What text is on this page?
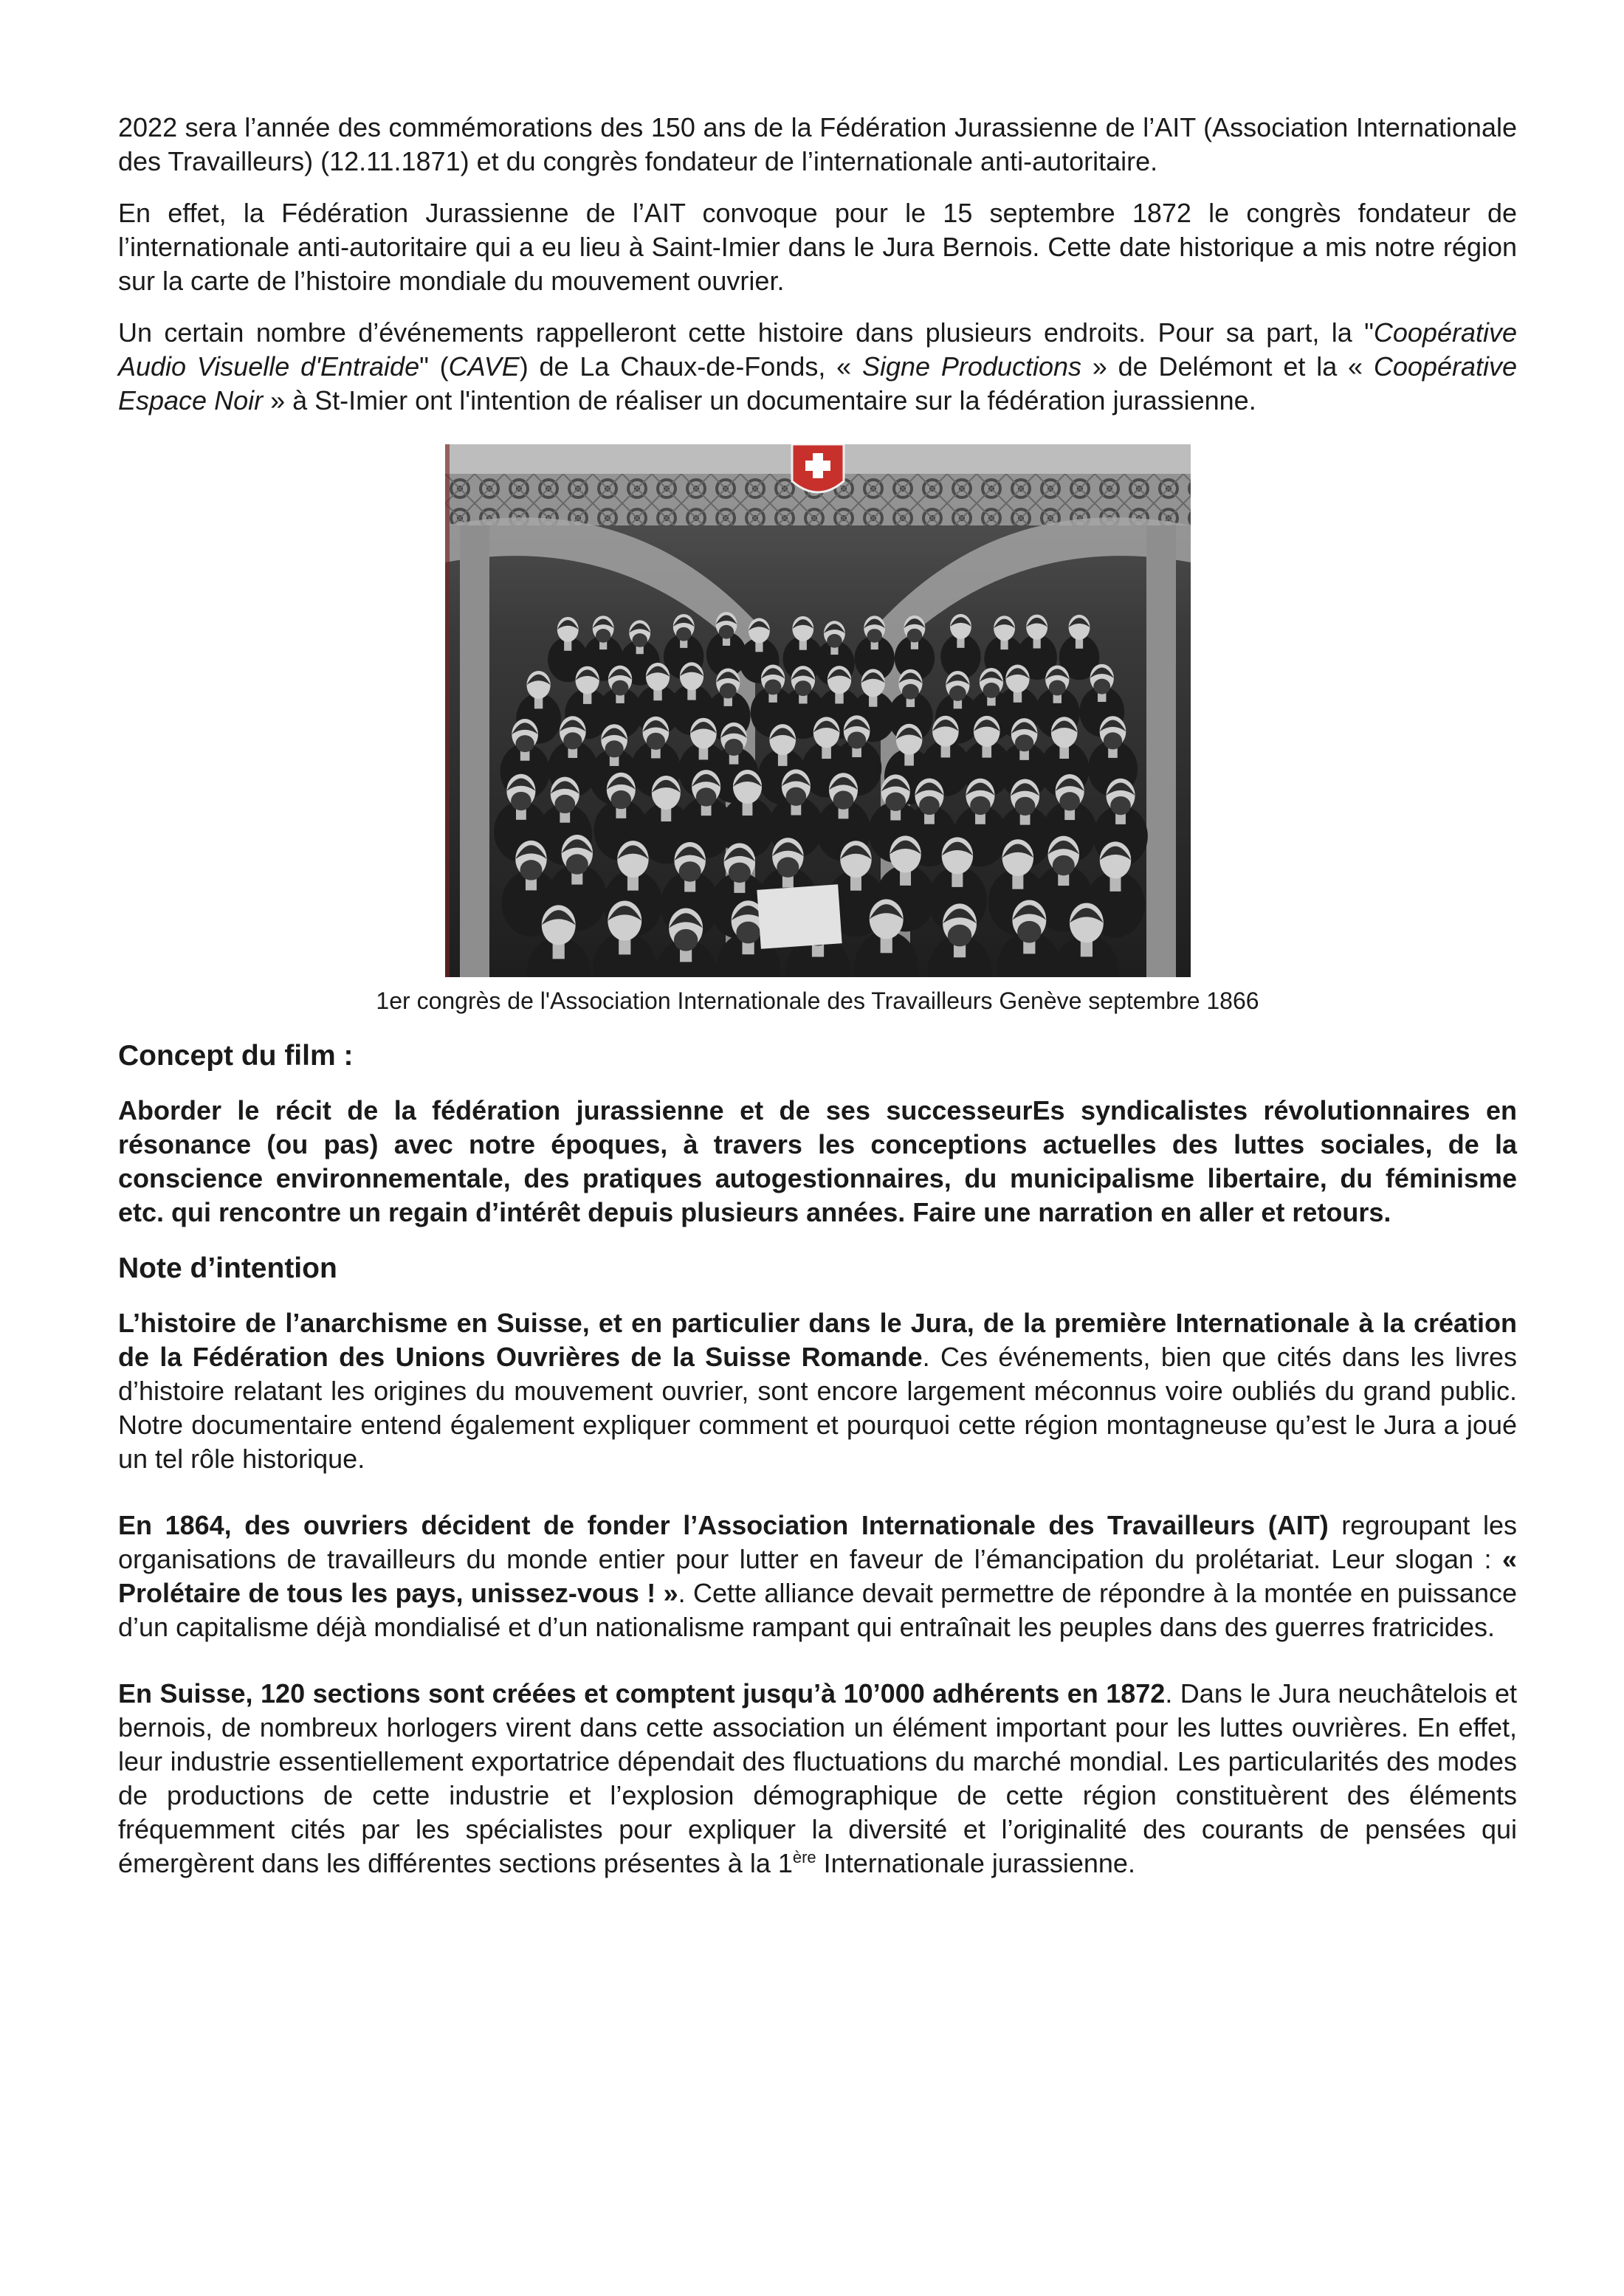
2022 sera l’année des commémorations des 150 ans de la Fédération Jurassienne de l’AIT (Association Internationale des Travailleurs) (12.11.1871) et du congrès fondateur de l’internationale anti-autoritaire.

En effet, la Fédération Jurassienne de l’AIT convoque pour le 15 septembre 1872 le congrès fondateur de l’internationale anti-autoritaire qui a eu lieu à Saint-Imier dans le Jura Bernois. Cette date historique a mis notre région sur la carte de l’histoire mondiale du mouvement ouvrier.

Un certain nombre d’événements rappelleront cette histoire dans plusieurs endroits. Pour sa part, la "Coopérative Audio Visuelle d'Entraide" (CAVE) de La Chaux-de-Fonds, « Signe Productions » de Delémont et la « Coopérative Espace Noir » à St-Imier ont l'intention de réaliser un documentaire sur la fédération jurassienne.

1er congrès de l'Association Internationale des Travailleurs Genève septembre 1866

Concept du film :

Aborder le récit de la fédération jurassienne et de ses successeurEs syndicalistes révolutionnaires en résonance (ou pas) avec notre époques, à travers les conceptions actuelles des luttes sociales, de la conscience environnementale, des pratiques autogestionnaires, du municipalisme libertaire, du féminisme etc. qui rencontre un regain d’intérêt depuis plusieurs années. Faire une narration en aller et retours.

Note d’intention

L’histoire de l’anarchisme en Suisse, et en particulier dans le Jura, de la première Internationale à la création de la Fédération des Unions Ouvrières de la Suisse Romande. Ces événements, bien que cités dans les livres d’histoire relatant les origines du mouvement ouvrier, sont encore largement méconnus voire oubliés du grand public. Notre documentaire entend également expliquer comment et pourquoi cette région montagneuse qu’est le Jura a joué un tel rôle historique.

En 1864, des ouvriers décident de fonder l’Association Internationale des Travailleurs (AIT) regroupant les organisations de travailleurs du monde entier pour lutter en faveur de l’émancipation du prolétariat. Leur slogan : « Prolétaire de tous les pays, unissez-vous ! ». Cette alliance devait permettre de répondre à la montée en puissance d’un capitalisme déjà mondialisé et d’un nationalisme rampant qui entraînait les peuples dans des guerres fratricides.

En Suisse, 120 sections sont créées et comptent jusqu’à 10’000 adhérents en 1872. Dans le Jura neuchâtelois et bernois, de nombreux horlogers virent dans cette association un élément important pour les luttes ouvrières. En effet, leur industrie essentiellement exportatrice dépendait des fluctuations du marché mondial. Les particularités des modes de productions de cette industrie et l’explosion démographique de cette région constituèrent des éléments fréquemment cités par les spécialistes pour expliquer la diversité et l’originalité des courants de pensées qui émergèrent dans les différentes sections présentes à la 1ère Internationale jurassienne.
